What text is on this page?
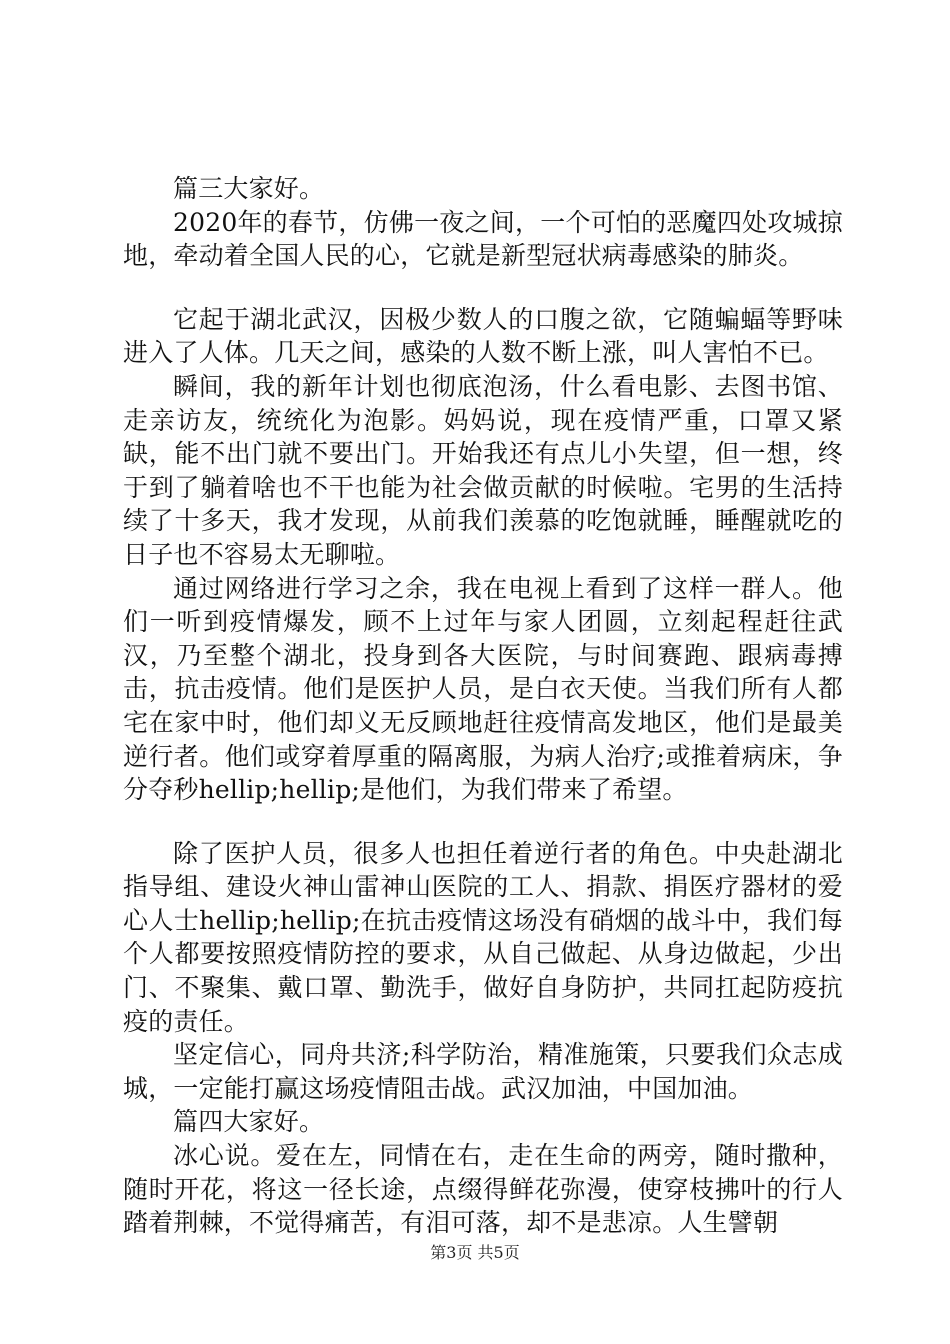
篇三大家好。

2020年的春节，仿佛一夜之间，一个可怕的恶魔四处攻城掠地，牵动着全国人民的心，它就是新型冠状病毒感染的肺炎。

它起于湖北武汉，因极少数人的口腹之欲，它随蝙蝠等野味进入了人体。几天之间，感染的人数不断上涨，叫人害怕不已。

瞬间，我的新年计划也彻底泡汤，什么看电影、去图书馆、走亲访友，统统化为泡影。妈妈说，现在疫情严重，口罩又紧缺，能不出门就不要出门。开始我还有点儿小失望，但一想，终于到了躺着啥也不干也能为社会做贡献的时候啦。宅男的生活持续了十多天，我才发现，从前我们羡慕的吃饱就睡，睡醒就吃的日子也不容易太无聊啦。

通过网络进行学习之余，我在电视上看到了这样一群人。他们一听到疫情爆发，顾不上过年与家人团圆，立刻起程赶往武汉，乃至整个湖北，投身到各大医院，与时间赛跑、跟病毒搏击，抗击疫情。他们是医护人员，是白衣天使。当我们所有人都宅在家中时，他们却义无反顾地赶往疫情高发地区，他们是最美逆行者。他们或穿着厚重的隔离服，为病人治疗;或推着病床，争分夺秒hellip;hellip;是他们，为我们带来了希望。

除了医护人员，很多人也担任着逆行者的角色。中央赴湖北指导组、建设火神山雷神山医院的工人、捐款、捐医疗器材的爱心人士hellip;hellip;在抗击疫情这场没有硝烟的战斗中，我们每个人都要按照疫情防控的要求，从自己做起、从身边做起，少出门、不聚集、戴口罩、勤洗手，做好自身防护，共同扛起防疫抗疫的责任。

坚定信心，同舟共济;科学防治，精准施策，只要我们众志成城，一定能打赢这场疫情阻击战。武汉加油，中国加油。

篇四大家好。

冰心说。爱在左，同情在右，走在生命的两旁，随时撒种，随时开花，将这一径长途，点缀得鲜花弥漫，使穿枝拂叶的行人踏着荆棘，不觉得痛苦，有泪可落，却不是悲凉。人生譬朝

第3页 共5页
